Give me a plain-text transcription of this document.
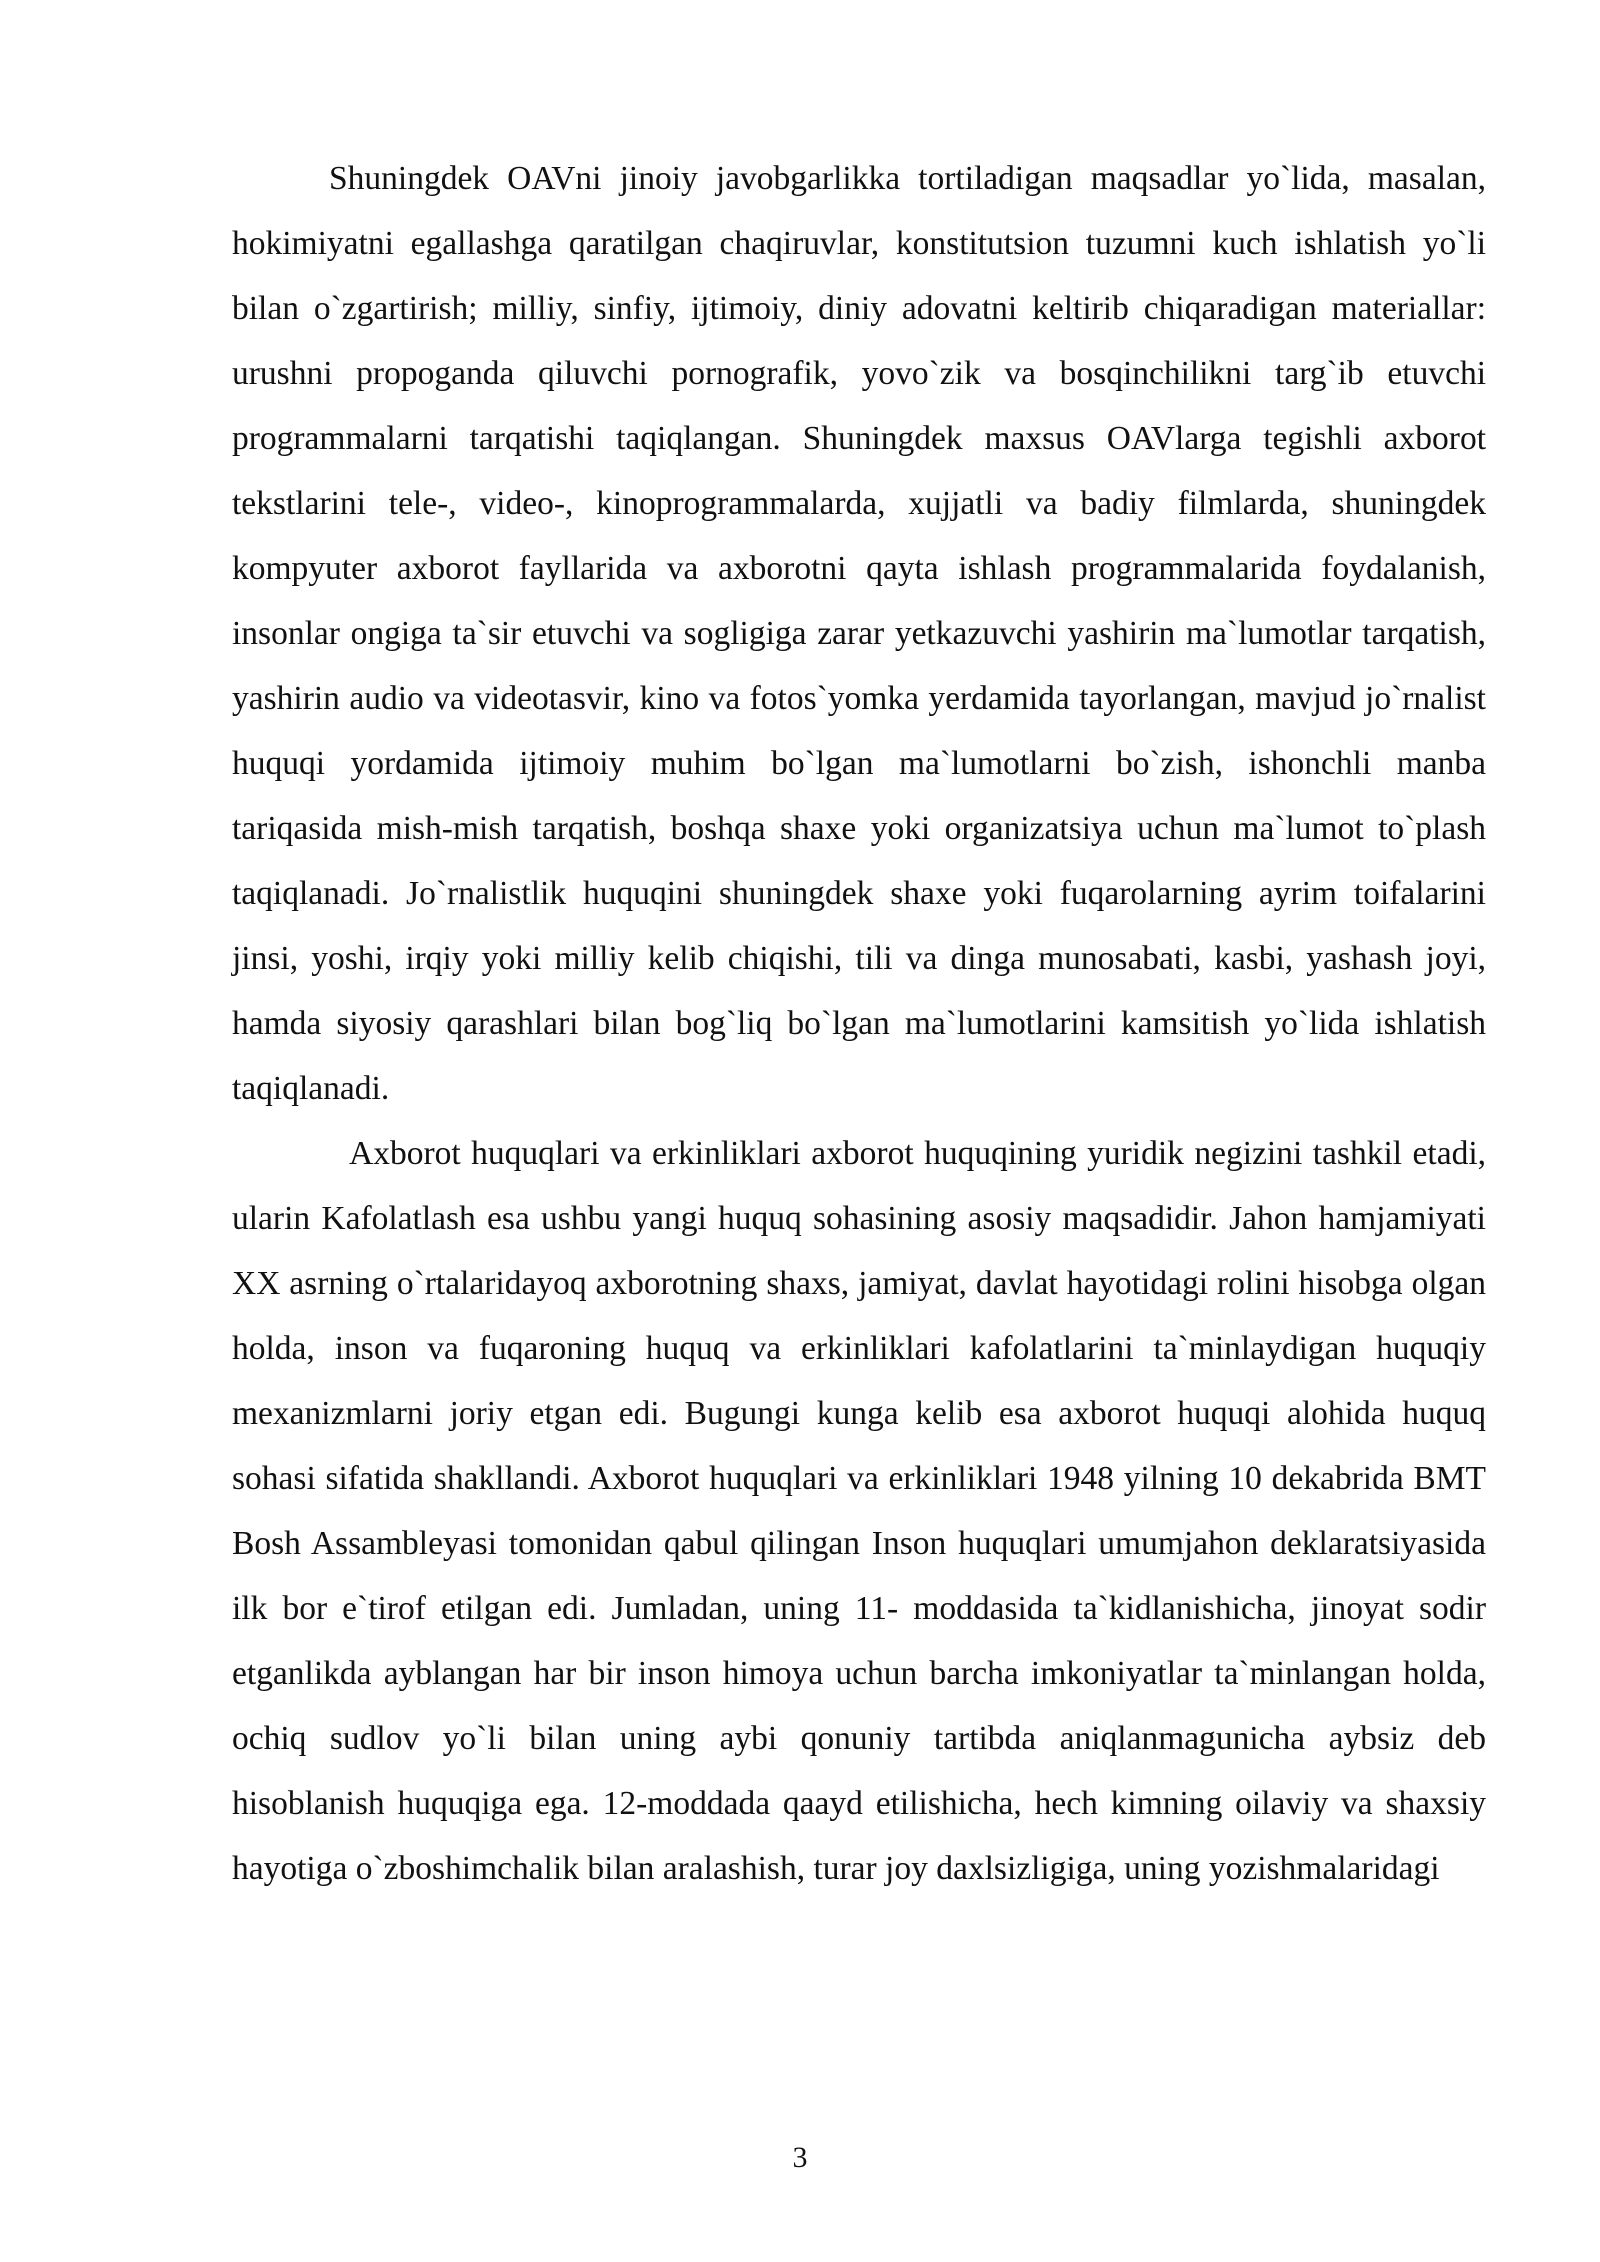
Shuningdek OAVni jinoiy javobgarlikka tortiladigan maqsadlar yo`lida, masalan, hokimiyatni egallashga qaratilgan chaqiruvlar, konstitutsion tuzumni kuch ishlatish yo`li bilan o`zgartirish; milliy, sinfiy, ijtimoiy, diniy adovatni keltirib chiqaradigan materiallar: urushni propoganda qiluvchi pornografik, yovo`zik va bosqinchilikni targ`ib etuvchi programmalarni tarqatishi taqiqlangan. Shuningdek maxsus OAVlarga tegishli axborot tekstlarini tele-, video-, kinoprogrammalarda, xujjatli va badiy filmlarda, shuningdek kompyuter axborot fayllarida va axborotni qayta ishlash programmalarida foydalanish, insonlar ongiga ta`sir etuvchi va sogligiga zarar yetkazuvchi yashirin ma`lumotlar tarqatish, yashirin audio va videotasvir, kino va fotos`yomka yerdamida tayorlangan, mavjud jo`rnalist huquqi yordamida ijtimoiy muhim bo`lgan ma`lumotlarni bo`zish, ishonchli manba tariqasida mish-mish tarqatish, boshqa shaxe yoki organizatsiya uchun ma`lumot to`plash taqiqlanadi. Jo`rnalistlik huquqini shuningdek shaxe yoki fuqarolarning ayrim toifalarini jinsi, yoshi, irqiy yoki milliy kelib chiqishi, tili va dinga munosabati, kasbi, yashash joyi, hamda siyosiy qarashlari bilan bog`liq bo`lgan ma`lumotlarini kamsitish yo`lida ishlatish taqiqlanadi.

Axborot huquqlari va erkinliklari axborot huquqining yuridik negizini tashkil etadi, ularin Kafolatlash esa ushbu yangi huquq sohasining asosiy maqsadidir. Jahon hamjamiyati XX asrning o`rtalaridayoq axborotning shaxs, jamiyat, davlat hayotidagi rolini hisobga olgan holda, inson va fuqaroning huquq va erkinliklari kafolatlarini ta`minlaydigan huquqiy mexanizmlarni joriy etgan edi. Bugungi kunga kelib esa axborot huquqi alohida huquq sohasi sifatida shakllandi. Axborot huquqlari va erkinliklari 1948 yilning 10 dekabrida BMT Bosh Assambleyasi tomonidan qabul qilingan Inson huquqlari umumjahon deklaratsiyasida ilk bor e`tirof etilgan edi. Jumladan, uning 11- moddasida ta`kidlanishicha, jinoyat sodir etganlikda ayblangan har bir inson himoya uchun barcha imkoniyatlar ta`minlangan holda, ochiq sudlov yo`li bilan uning aybi qonuniy tartibda aniqlanmagunicha aybsiz deb hisoblanish huquqiga ega. 12-moddada qaayd etilishicha, hech kimning oilaviy va shaxsiy hayotiga o`zboshimchalik bilan aralashish, turar joy daxlsizligiga, uning yozishmalaridagi

3
